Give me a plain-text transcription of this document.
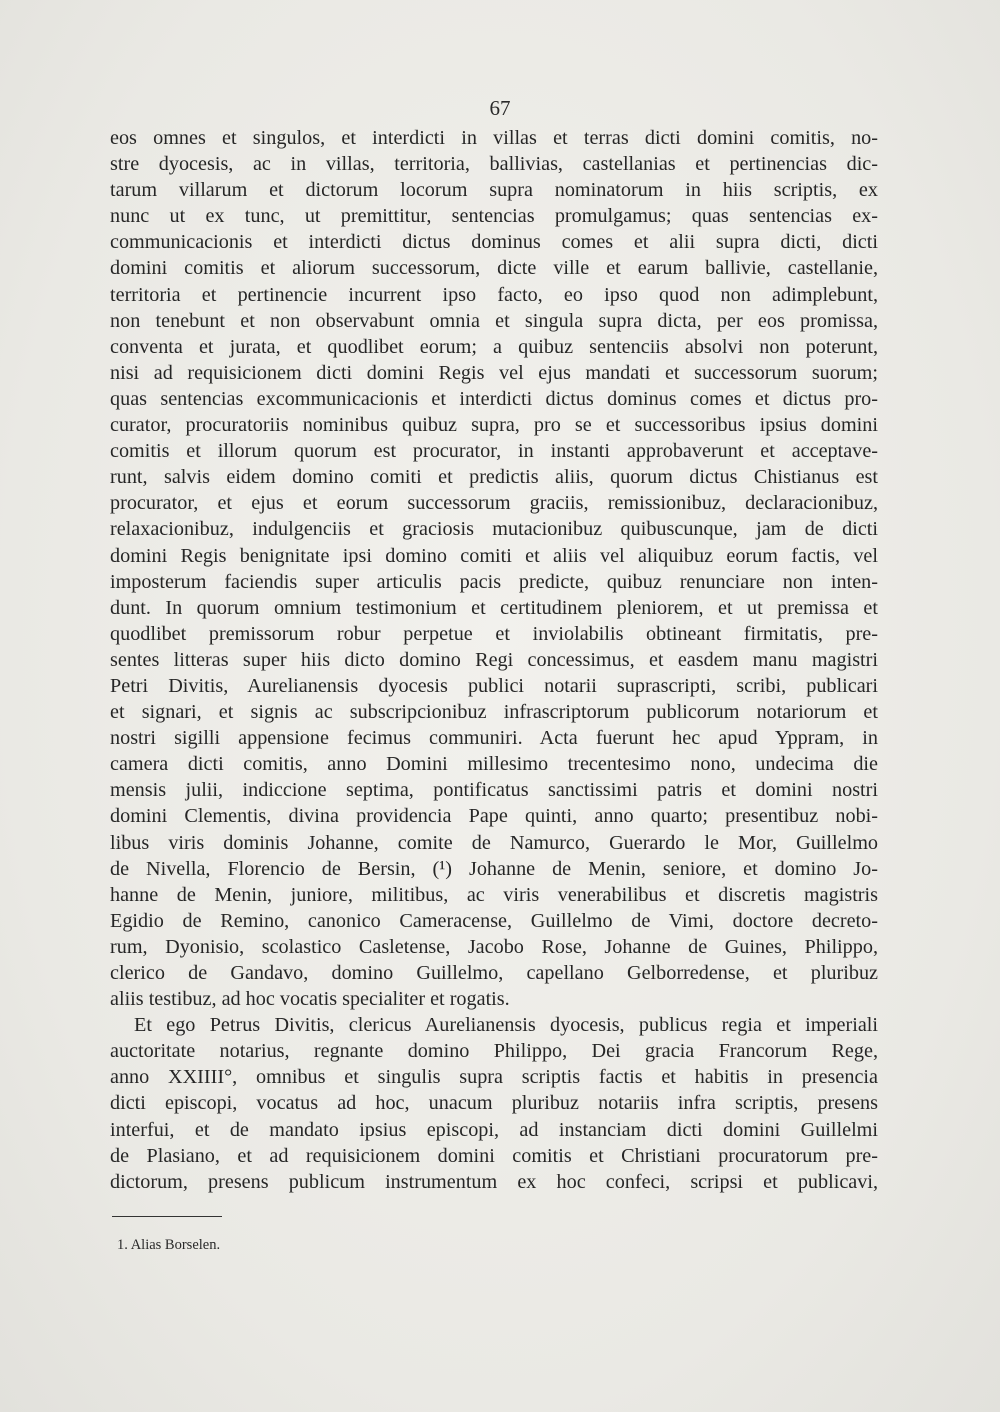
67
eos omnes et singulos, et interdicti in villas et terras dicti domini comitis, no-
stre dyocesis, ac in villas, territoria, ballivias, castellanias et pertinencias dic-
tarum villarum et dictorum locorum supra nominatorum in hiis scriptis, ex
nunc ut ex tunc, ut premittitur, sentencias promulgamus; quas sentencias ex-
communicacionis et interdicti dictus dominus comes et alii supra dicti, dicti
domini comitis et aliorum successorum, dicte ville et earum ballivie, castellanie,
territoria et pertinencie incurrent ipso facto, eo ipso quod non adimplebunt,
non tenebunt et non observabunt omnia et singula supra dicta, per eos promissa,
conventa et jurata, et quodlibet eorum; a quibuz sentenciis absolvi non poterunt,
nisi ad requisicionem dicti domini Regis vel ejus mandati et successorum suorum;
quas sentencias excommunicacionis et interdicti dictus dominus comes et dictus pro-
curator, procuratoriis nominibus quibuz supra, pro se et successoribus ipsius domini
comitis et illorum quorum est procurator, in instanti approbaverunt et acceptave-
runt, salvis eidem domino comiti et predictis aliis, quorum dictus Chistianus est
procurator, et ejus et eorum successorum graciis, remissionibuz, declaracionibuz,
relaxacionibuz, indulgenciis et graciosis mutacionibuz quibuscunque, jam de dicti
domini Regis benignitate ipsi domino comiti et aliis vel aliquibuz eorum factis, vel
imposterum faciendis super articulis pacis predicte, quibuz renunciare non inten-
dunt. In quorum omnium testimonium et certitudinem pleniorem, et ut premissa et
quodlibet premissorum robur perpetue et inviolabilis obtineant firmitatis, pre-
sentes litteras super hiis dicto domino Regi concessimus, et easdem manu magistri
Petri Divitis, Aurelianensis dyocesis publici notarii suprascripti, scribi, publicari
et signari, et signis ac subscripcionibuz infrascriptorum publicorum notariorum et
nostri sigilli appensione fecimus communiri. Acta fuerunt hec apud Yppram, in
camera dicti comitis, anno Domini millesimo trecentesimo nono, undecima die
mensis julii, indiccione septima, pontificatus sanctissimi patris et domini nostri
domini Clementis, divina providencia Pape quinti, anno quarto; presentibuz nobi-
libus viris dominis Johanne, comite de Namurco, Guerardo le Mor, Guillelmo
de Nivella, Florencio de Bersin, (¹) Johanne de Menin, seniore, et domino Jo-
hanne de Menin, juniore, militibus, ac viris venerabilibus et discretis magistris
Egidio de Remino, canonico Cameracense, Guillelmo de Vimi, doctore decreto-
rum, Dyonisio, scolastico Casletense, Jacobo Rose, Johanne de Guines, Philippo,
clerico de Gandavo, domino Guillelmo, capellano Gelborredense, et pluribuz
aliis testibuz, ad hoc vocatis specialiter et rogatis.
Et ego Petrus Divitis, clericus Aurelianensis dyocesis, publicus regia et imperiali
auctoritate notarius, regnante domino Philippo, Dei gracia Francorum Rege,
anno XXIIII°, omnibus et singulis supra scriptis factis et habitis in presencia
dicti episcopi, vocatus ad hoc, unacum pluribuz notariis infra scriptis, presens
interfui, et de mandato ipsius episcopi, ad instanciam dicti domini Guillelmi
de Plasiano, et ad requisicionem domini comitis et Christiani procuratorum pre-
dictorum, presens publicum instrumentum ex hoc confeci, scripsi et publicavi,
1. Alias Borselen.
